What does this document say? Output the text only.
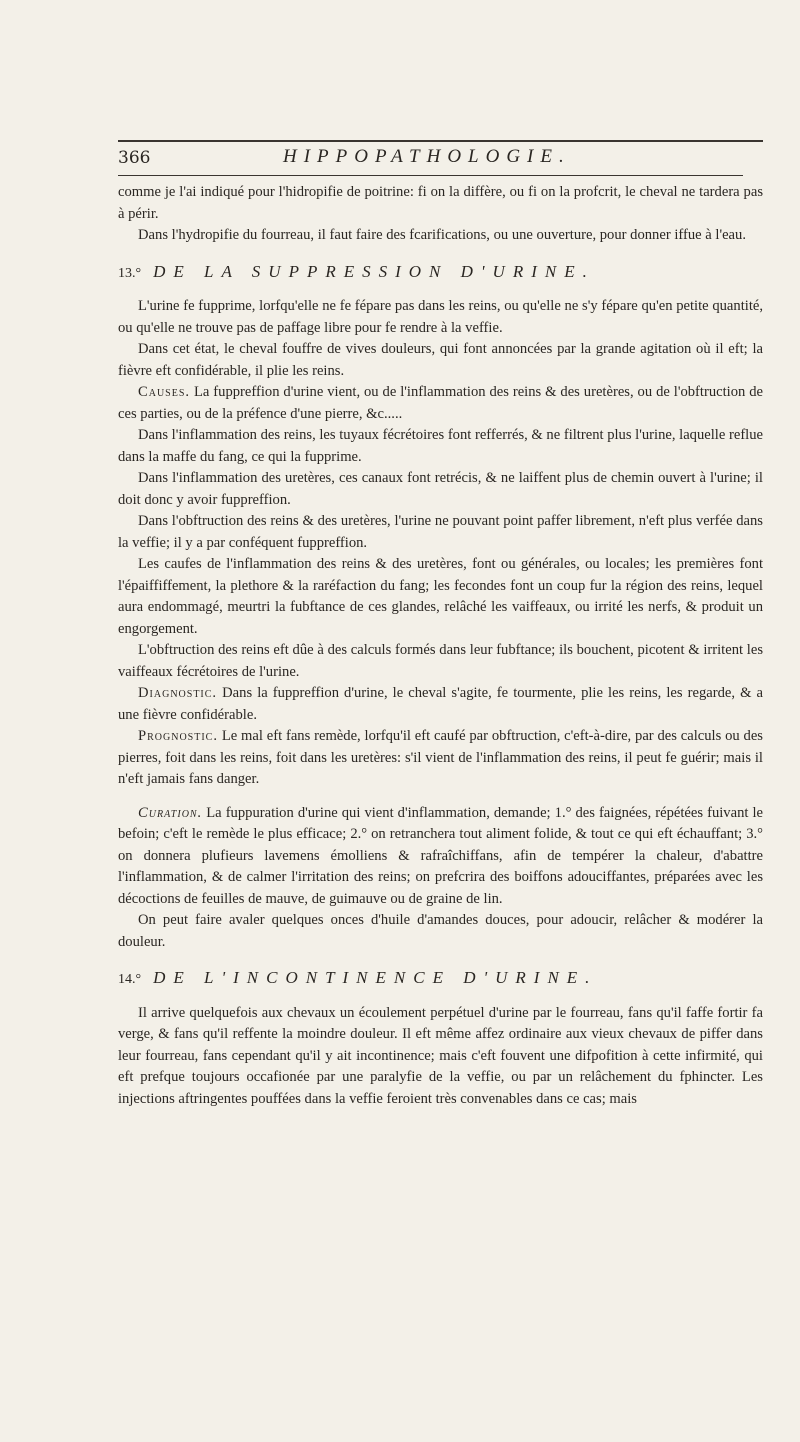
366	HIPPOPATHOLOGIE.

comme je l'ai indiqué pour l'hidropifie de poitrine: fi on la diffère, ou fi on la profcrit, le cheval ne tardera pas à périr.

Dans l'hydropifie du fourreau, il faut faire des fcarifications, ou une ouverture, pour donner iffue à l'eau.

13.° DE LA SUPPRESSION D'URINE.

L'urine fe fupprime, lorfqu'elle ne fe fépare pas dans les reins, ou qu'elle ne s'y fépare qu'en petite quantité, ou qu'elle ne trouve pas de paffage libre pour fe rendre à la veffie.

Dans cet état, le cheval fouffre de vives douleurs, qui font annoncées par la grande agitation où il eft; la fièvre eft confidérable, il plie les reins.

Causes. La fuppreffion d'urine vient, ou de l'inflammation des reins & des uretères, ou de l'obftruction de ces parties, ou de la préfence d'une pierre, &c.....

Dans l'inflammation des reins, les tuyaux fécrétoires font refferrés, & ne filtrent plus l'urine, laquelle reflue dans la maffe du fang, ce qui la fupprime.

Dans l'inflammation des uretères, ces canaux font retrécis, & ne laiffent plus de chemin ouvert à l'urine; il doit donc y avoir fuppreffion.

Dans l'obftruction des reins & des uretères, l'urine ne pouvant point paffer librement, n'eft plus verfée dans la veffie; il y a par conféquent fuppreffion.

Les caufes de l'inflammation des reins & des uretères, font ou générales, ou locales; les premières font l'épaiffiffement, la plethore & la raréfaction du fang; les fecondes font un coup fur la région des reins, lequel aura endommagé, meurtri la fubftance de ces glandes, relâché les vaiffeaux, ou irrité les nerfs, & produit un engorgement.

L'obftruction des reins eft dûe à des calculs formés dans leur fubftance; ils bouchent, picotent & irritent les vaiffeaux fécrétoires de l'urine.

Diagnostic. Dans la fuppreffion d'urine, le cheval s'agite, fe tourmente, plie les reins, les regarde, & a une fièvre confidérable.

Prognostic. Le mal eft fans remède, lorfqu'il eft caufé par obftruction, c'eft-à-dire, par des calculs ou des pierres, foit dans les reins, foit dans les uretères: s'il vient de l'inflammation des reins, il peut fe guérir; mais il n'eft jamais fans danger.

Curation. La fuppuration d'urine qui vient d'inflammation, demande; 1.° des faignées, répétées fuivant le befoin; c'eft le remède le plus efficace; 2.° on retranchera tout aliment folide, & tout ce qui eft échauffant; 3.° on donnera plufieurs lavemens émolliens & rafraîchiffans, afin de tempérer la chaleur, d'abattre l'inflammation, & de calmer l'irritation des reins; on prefcrira des boiffons adouciffantes, préparées avec les décoctions de feuilles de mauve, de guimauve ou de graine de lin.

On peut faire avaler quelques onces d'huile d'amandes douces, pour adoucir, relâcher & modérer la douleur.

14.° DE L'INCONTINENCE D'URINE.

Il arrive quelquefois aux chevaux un écoulement perpétuel d'urine par le fourreau, fans qu'il faffe fortir fa verge, & fans qu'il reffente la moindre douleur. Il eft même affez ordinaire aux vieux chevaux de piffer dans leur fourreau, fans cependant qu'il y ait incontinence; mais c'eft fouvent une difpofition à cette infirmité, qui eft prefque toujours occafionée par une paralyfie de la veffie, ou par un relâchement du fphincter. Les injections aftringentes pouffées dans la veffie feroient très convenables dans ce cas; mais
